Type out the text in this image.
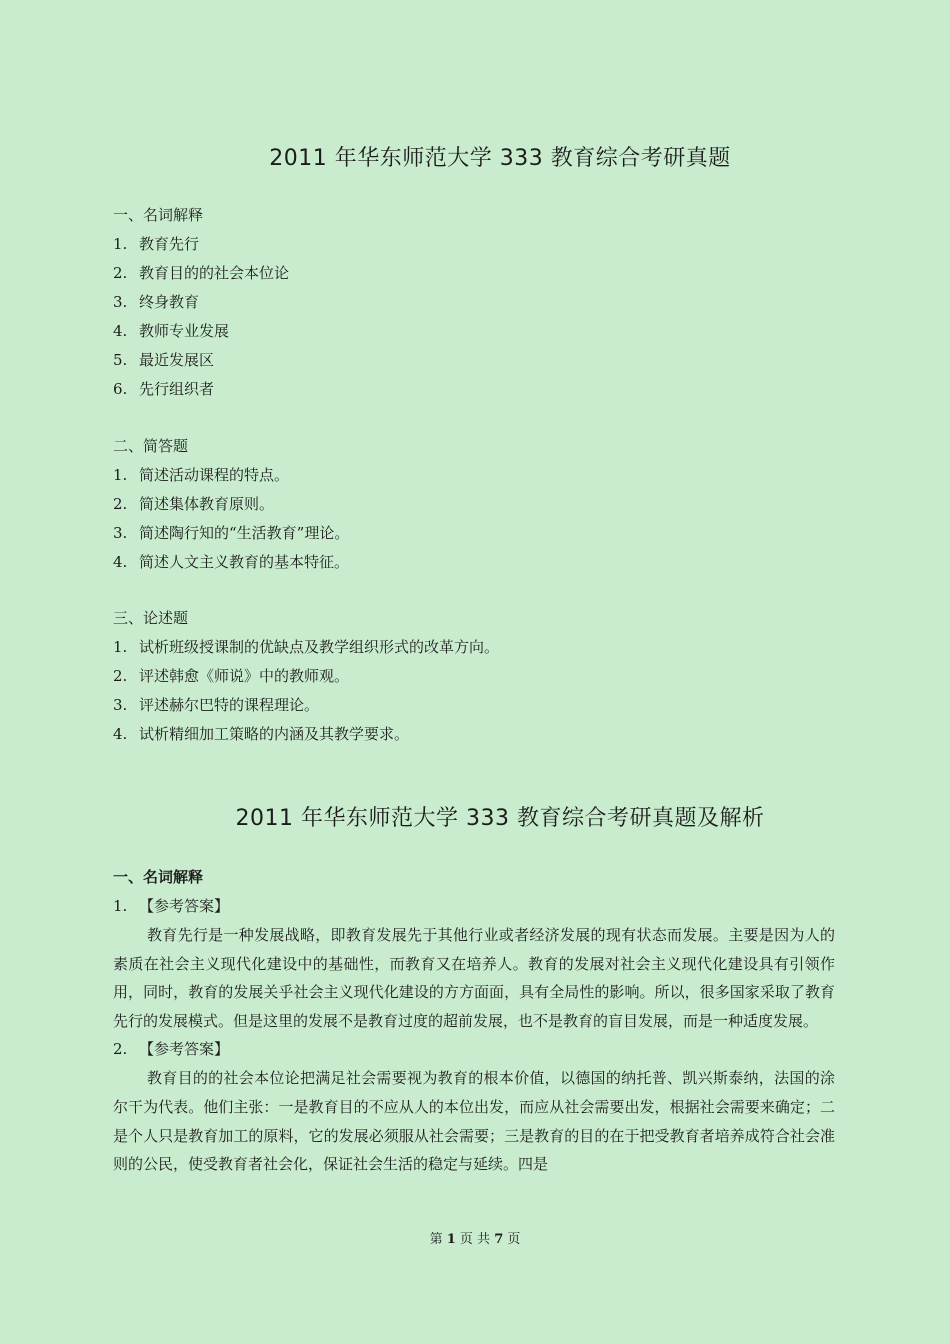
2011 年华东师范大学 333 教育综合考研真题
一、名词解释
1. 教育先行
2. 教育目的的社会本位论
3. 终身教育
4. 教师专业发展
5. 最近发展区
6. 先行组织者
二、简答题
1. 简述活动课程的特点。
2. 简述集体教育原则。
3. 简述陶行知的“生活教育”理论。
4. 简述人文主义教育的基本特征。
三、论述题
1. 试析班级授课制的优缺点及教学组织形式的改革方向。
2. 评述韩愈《师说》中的教师观。
3. 评述赫尔巴特的课程理论。
4. 试析精细加工策略的内涵及其教学要求。
2011 年华东师范大学 333 教育综合考研真题及解析
一、名词解释
1. 【参考答案】

教育先行是一种发展战略，即教育发展先于其他行业或者经济发展的现有状态而发展。主要是因为人的素质在社会主义现代化建设中的基础性，而教育又在培养人。教育的发展对社会主义现代化建设具有引领作用，同时，教育的发展关乎社会主义现代化建设的方方面面，具有全局性的影响。所以，很多国家采取了教育先行的发展模式。但是这里的发展不是教育过度的超前发展，也不是教育的盲目发展，而是一种适度发展。

2. 【参考答案】

教育目的的社会本位论把满足社会需要视为教育的根本价值，以德国的纳托普、凯兴斯泰纳，法国的涂尔干为代表。他们主张：一是教育目的不应从人的本位出发，而应从社会需要出发，根据社会需要来确定；二是个人只是教育加工的原料，它的发展必须服从社会需要；三是教育的目的在于把受教育者培养成符合社会准则的公民，使受教育者社会化，保证社会生活的稳定与延续。四是

第 1 页 共 7 页
